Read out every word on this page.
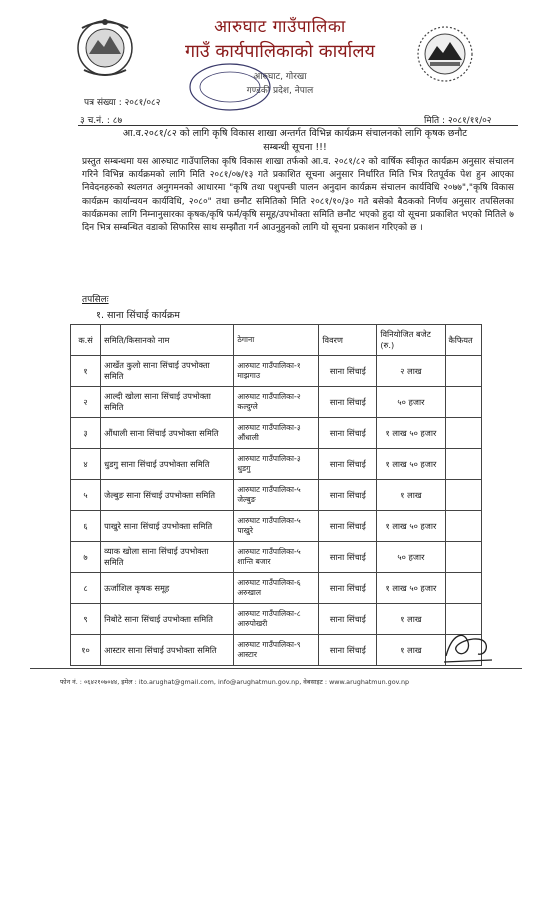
आरुघाट गाउँपालिका
गाउँ कार्यपालिकाको कार्यालय
आरुघाट, गोरखा
गण्डकी प्रदेश, नेपाल
पत्र संख्या : २०८१/०८२
३ च.नं. : ८७	मिति : २०८१/११/०२
आ.व.२०८१/८२ को लागि कृषि विकास शाखा अन्तर्गत विभिन्न कार्यक्रम संचालनको लागि कृषक छनौट
सम्बन्धी सूचना !!!

प्रस्तुत सम्बन्धमा यस आरुघाट गाउँपालिका कृषि विकास शाखा तर्फको आ.व. २०८१/८२ को वार्षिक स्वीकृत कार्यक्रम अनुसार संचालन गरिने विभिन्न कार्यक्रमको लागि मिति २०८१/०७/१३ गते प्रकाशित सूचना अनुसार निर्धारित मिति भित्र रितपूर्वक पेश हुन आएका निवेदनहरुको स्थलगत अनुगमनको आधारमा "कृषि तथा पशुपन्छी पालन अनुदान कार्यक्रम संचालन कार्यविधि २०७७","कृषि विकास कार्यक्रम कार्यान्वयन कार्यविधि, २०८०" तथा छनौट समितिको मिति २०८१/१०/३० गते बसेको बैठकको निर्णय अनुसार तपसिलका कार्यक्रमका लागि निम्नानुसारका कृषक/कृषि फर्म/कृषि समूह/उपभोक्ता समिति छनौट भएको हुदा यो सूचना प्रकाशित भएको मितिले ७ दिन भित्र सम्बन्धित वडाको सिफारिस साथ सम्झौता गर्न आउनुहुनको लागि यो सूचना प्रकाशन गरिएको छ ।

तपसिलः
१. साना सिंचाई कार्यक्रम
क.सं	समिति/किसानको नाम	ठेगाना	विवरण	विनियोजित बजेट (रु.)	कैफियत
१	आर्खेत कुलो साना सिंचाई उपभोक्ता समिति	आरुघाट गाउँपालिका-१ माझगाउ	साना सिंचाई	२ लाख	
२	आल्दी खोला साना सिंचाई उपभोक्ता समिति	आरुघाट गाउँपालिका-२ कल्दुग्ले	साना सिंचाई	५० हजार	
३	औंधाली साना सिंचाई उपभोक्ता समिति	आरुघाट गाउँपालिका-३ औंधाली	साना सिंचाई	१ लाख ५० हजार	
४	धुडगु साना सिंचाई उपभोक्ता समिति	आरुघाट गाउँपालिका-३ धुडगु	साना सिंचाई	१ लाख ५० हजार	
५	जेल्बुङ साना सिंचाई उपभोक्ता समिति	आरुघाट गाउँपालिका-५ जेल्बुङ	साना सिंचाई	१ लाख	
६	पाखुरे साना सिंचाई उपभोक्ता समिति	आरुघाट गाउँपालिका-५ पाखुरे	साना सिंचाई	१ लाख ५० हजार	
७	व्याक खोला साना सिंचाई उपभोक्ता समिति	आरुघाट गाउँपालिका-५ शान्ति बजार	साना सिंचाई	५० हजार	
८	ऊर्जाशिल कृषक समूह	आरुघाट गाउँपालिका-६ अरुखाल	साना सिंचाई	१ लाख ५० हजार	
९	निबोटे साना सिंचाई उपभोक्ता समिति	आरुघाट गाउँपालिका-८ आरुपोखरी	साना सिंचाई	१ लाख	
१०	आस्टार साना सिंचाई उपभोक्ता समिति	आरुघाट गाउँपालिका-९ आस्टार	साना सिंचाई	१ लाख	
फोन नं. : ०६४२१०७०४४, इमेल : ito.arughat@gmail.com, info@arughatmun.gov.np, वेबसाइट : www.arughatmun.gov.np
